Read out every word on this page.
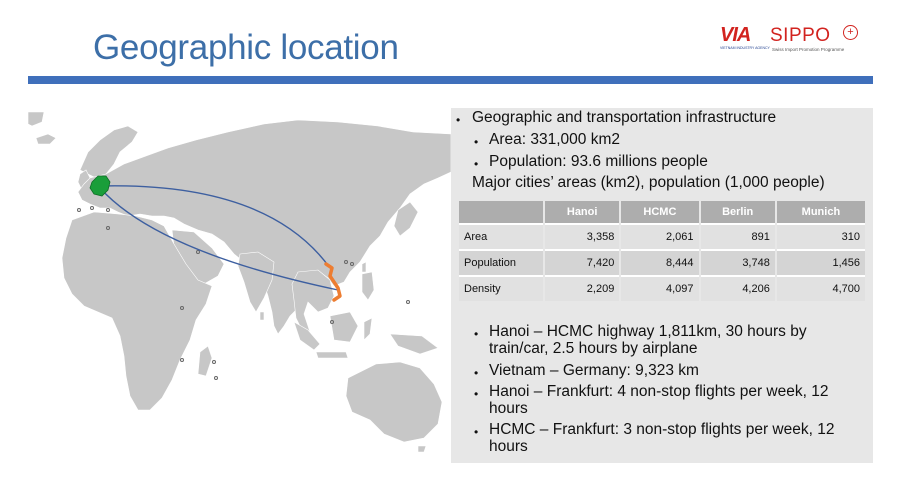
Geographic location	VIA SIPPO	+
VIETNAM INDUSTRY AGENCY Swiss Import Promotion Programme
• Geographic and transportation infrastructure
• Area: 331,000 km2
• Population: 93.6 millions people
Major cities’ areas (km2), population (1,000 people)
	Hanoi	HCMC	Berlin	Munich
Area	3,358	2,061	891	310
Population	7,420	8,444	3,748	1,456
Density	2,209	4,097	4,206	4,700
• Hanoi – HCMC highway 1,811km, 30 hours by train/car, 2.5 hours by airplane
• Vietnam – Germany: 9,323 km
• Hanoi – Frankfurt: 4 non-stop flights per week, 12 hours
• HCMC – Frankfurt: 3 non-stop flights per week, 12 hours
